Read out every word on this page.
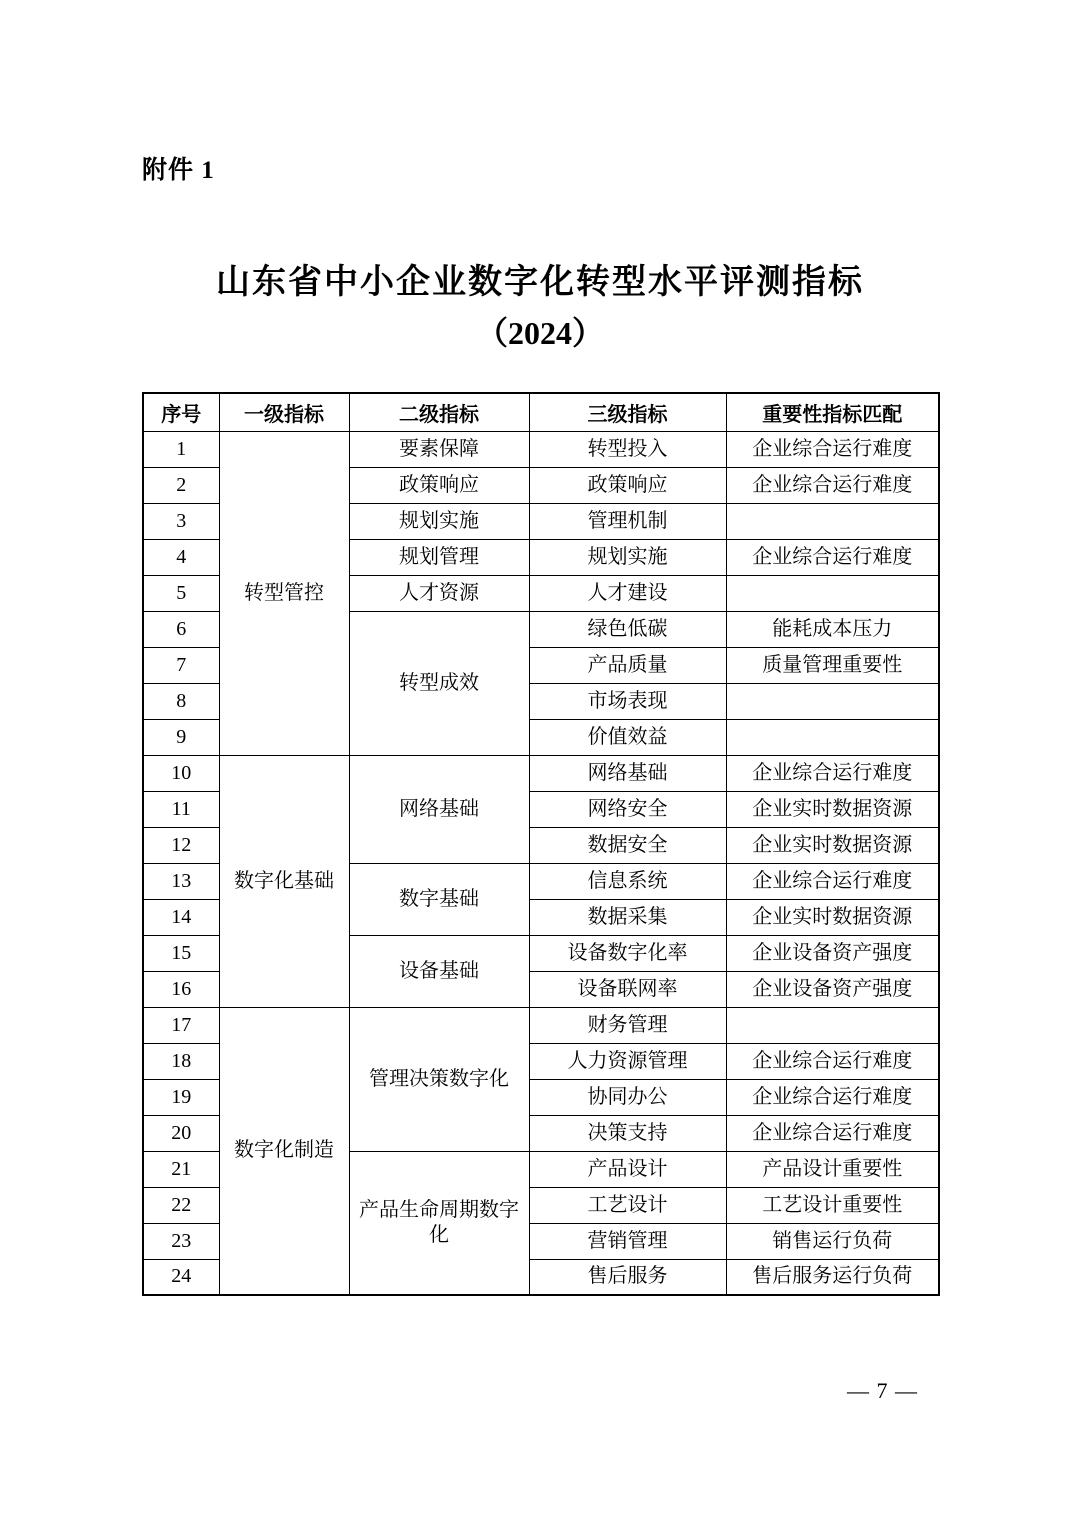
附件 1
山东省中小企业数字化转型水平评测指标
（2024）
序号	一级指标	二级指标	三级指标	重要性指标匹配
1	转型管控	要素保障	转型投入	企业综合运行难度
2		政策响应	政策响应	企业综合运行难度
3		规划实施	管理机制	
4		规划管理	规划实施	企业综合运行难度
5		人才资源	人才建设	
6		转型成效	绿色低碳	能耗成本压力
7			产品质量	质量管理重要性
8			市场表现	
9			价值效益	
10	数字化基础	网络基础	网络基础	企业综合运行难度
11			网络安全	企业实时数据资源
12			数据安全	企业实时数据资源
13		数字基础	信息系统	企业综合运行难度
14			数据采集	企业实时数据资源
15		设备基础	设备数字化率	企业设备资产强度
16			设备联网率	企业设备资产强度
17	数字化制造	管理决策数字化	财务管理	
18			人力资源管理	企业综合运行难度
19			协同办公	企业综合运行难度
20			决策支持	企业综合运行难度
21		产品生命周期数字化	产品设计	产品设计重要性
22			工艺设计	工艺设计重要性
23			营销管理	销售运行负荷
24			售后服务	售后服务运行负荷
— 7 —
